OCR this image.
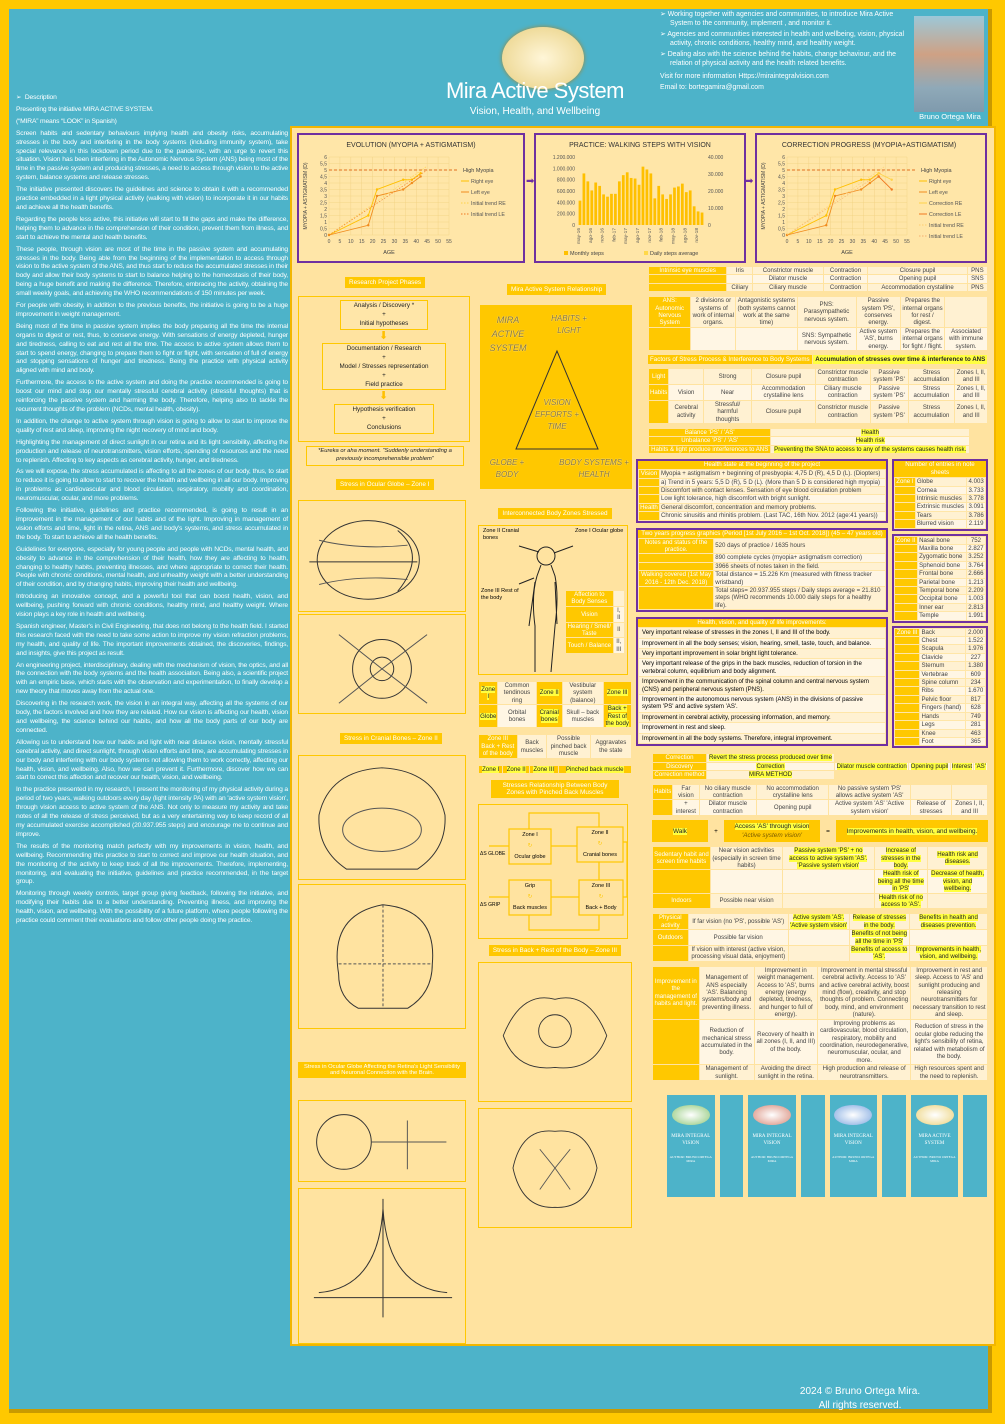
➢  Description

Presenting the initiative MIRA ACTIVE SYSTEM.

(“MIRA” means “LOOK” in Spanish)

Screen habits and sedentary behaviours implying health and obesity risks, accumulating stresses in the body and interfering in the body systems (including immunity system), take special relevance in this lockdown period due to the pandemic, with an urge to revert this situation. Vision has been interfering in the Autonomic Nervous System (ANS) being most of the time in the passive system and producing stresses, a need to access through vision to the active system, balance systems and release stresses.

The initiative presented discovers the guidelines and science to obtain it with a recommended practice embedded in a light physical activity (walking with vision) to incorporate it in our habits and achieve all the health benefits.

Regarding the people less active, this initiative will start to fill the gaps and make the difference, helping them to advance in the comprehension of their condition, prevent them from illness, and start to achieve the mental and health benefits.

These people, through vision are most of the time in the passive system and accumulating stresses in the body. Being able from the beginning of the implementation to access through vision to the active system of the ANS, and thus start to reduce the accumulated stresses in their body and allow their body systems to start to balance helping to the homeostasis of their body, being a huge benefit and making the difference. Therefore, embracing the activity, obtaining the small weekly goals, and achieving the WHO recommendations of 150 minutes per week.

For people with obesity, in addition to the previous benefits, the initiative is going to be a huge improvement in weight management.

Being most of the time in passive system implies the body preparing all the time the internal organs to digest or rest, thus, to conserve energy. With sensations of energy depleted, hunger and tiredness, calling to eat and rest all the time. The access to active system allows them to start to spend energy, changing to prepare them to fight or flight, with sensation of full of energy and stopping sensations of hunger and tiredness. Being the practice with physical activity aligned with mind and body.

Furthermore, the access to the active system and doing the practice recommended is going to boost our mind and stop our mentally stressful cerebral activity (stressful thoughts) that is reinforcing the passive system and harming the body. Therefore, helping also to tackle the recurrent thoughts of the problem (NCDs, mental health, obesity).

In addition, the change to active system through vision is going to allow to start to improve the quality of rest and sleep, improving the night recovery of mind and body.

Highlighting the management of direct sunlight in our retina and its light sensibility, affecting the production and release of neurotransmitters, vision efforts, spending of resources and the need to replenish. Affecting to key aspects as cerebral activity, hunger, and tiredness.

As we will expose, the stress accumulated is affecting to all the zones of our body, thus, to start to reduce it is going to allow to start to recover the health and wellbeing in all our body. Improving in problems as cardiovascular and blood circulation, respiratory, mobility and coordination, neuromuscular, ocular, and more problems.

Following the initiative, guidelines and practice recommended, is going to result in an improvement in the management of our habits and of the light. Improving in management of vision efforts and time, light in the retina, ANS and body's systems, and stress accumulated in the body. To start to achieve all the health benefits.

Guidelines for everyone, especially for young people and people with NCDs, mental health, and obesity to advance in the comprehension of their health, how they are affecting to health, changing to healthy habits, preventing illnesses, and where appropriate to correct their health. People with chronic conditions, mental health, and unhealthy weight with a better understanding of their condition, and by changing habits, improving their health and wellbeing.

Introducing an innovative concept, and a powerful tool that can boost health, vision, and wellbeing, pushing forward with chronic conditions, healthy mind, and healthy weight. Where vision plays a key role in health and wellbeing.

Spanish engineer, Master's in Civil Engineering, that does not belong to the health field. I started this research faced with the need to take some action to improve my vision refraction problems, my health, and quality of life. The important improvements obtained, the discoveries, findings, and insights, give this project as result.

An engineering project, interdisciplinary, dealing with the mechanism of vision, the optics, and all the connection with the body systems and the health association. Being also, a scientific project with an empiric base, which starts with the observation and experimentation, to finally develop a new theory that moves away from the actual one.

Discovering in the research work, the vision in an integral way, affecting all the systems of our body, the factors involved and how they are related. How our vision is affecting our health, vision and wellbeing, the science behind our habits, and how all the body parts of our body are connected.

Allowing us to understand how our habits and light with near distance vision, mentally stressful cerebral activity, and direct sunlight, through vision efforts and time, are accumulating stresses in our body and interfering with our body systems not allowing them to work correctly, affecting our health, vision, and wellbeing. Also, how we can prevent it. Furthermore, discover how we can start to correct this affection and recover our health, vision, and wellbeing.

In the practice presented in my research, I present the monitoring of my physical activity during a period of two years, walking outdoors every day (light intensity PA) with an 'active system vision', through vision access to active system of the ANS. Not only to measure my activity and take notes of all the release of stress perceived, but as a very entertaining way to keep record of all my accumulated exercise accomplished (20.937.955 steps) and encourage me to continue and improve.

The results of the monitoring match perfectly with my improvements in vision, health, and wellbeing. Recommending this practice to start to correct and improve our health situation, and the monitoring of the activity to keep track of all the improvements. Therefore, implementing, monitoring, and evaluating the initiative, guidelines and practice recommended, in the target group.

Monitoring through weekly controls, target group giving feedback, following the initiative, and modifying their habits due to a better understanding. Preventing illness, and improving the health, vision, and wellbeing. With the possibility of a future platform, where people following the practice could comment their evaluations and follow other people doing the practice.

Mira Active System
Vision, Health, and Wellbeing
➢ Working together with agencies and communities, to introduce Mira Active System to the community, implement , and monitor it.
➢ Agencies and communities interested in health and wellbeing, vision, physical activity, chronic conditions, healthy mind, and healthy weight.
➢ Dealing also with the science behind the habits, change behaviour, and the relation of physical activity and the health related benefits.
Visit for more information Https://miraintegralvision.com
Email to: bortegamira@gmail.com
Bruno Ortega Mira
EVOLUTION (MYOPIA + ASTIGMATISM)
0
0,5
1
1,5
2
2,5
3
3,5
4
4,5
5
5,5
6
0 5 10 15 20 25 30 35 40 45 50 55
AGE
MYOPIA + ASTIGMATISM (D)	High Myopia
Right eye
Left eye
Initial trend RE
Initial trend LE
➡
PRACTICE: WALKING STEPS WITH VISION
0
200.000
400.000
600.000
800.000
1.000.000
1.200.000
0
10.000
20.000
30.000
40.000
may-16 ago-16 nov-16 feb-17 may-17 ago-17 nov-17 feb-18 may-18 ago-18 nov-18
Monthly steps	Daily steps average
➡
CORRECTION PROGRESS (MYOPIA+ASTIGMATISM)
0
0,5
1
1,5
2
2,5
3
3,5
4
4,5
5
5,5
6
0 5 10 15 20 25 30 35 40 45 50 55
AGE
MYOPIA + ASTIGMATISM (D)	High Myopia
Right eye
Left eye
Correction RE
Correction LE
Initial trend RE
Initial trend LE
Research Project Phases
Analysis / Discovery *
+
Initial hypotheses
⬇
Documentation / Research
+
Model / Stresses representation
+
Field practice
⬇
Hypothesis verification
+
Conclusions
*Eureka or aha moment. “Suddenly understanding a previously incomprehensible problem”
Stress in Ocular Globe – Zone I
Mira Active System Relationship
MIRA ACTIVE SYSTEM
HABITS + LIGHT
VISION EFFORTS + TIME
GLOBE + BODY
BODY SYSTEMS + HEALTH
Stress in Cranial Bones – Zone II
Stress in Ocular Globe Affecting the Retina's Light Sensibility and Neuronal Connection with the Brain.
Interconnected Body Zones Stressed
Zone II Cranial bones
Zone I Ocular globe
Zone III Rest of the body	Affection to Body Senses	
Vision	I, II
Hearing / Smell/ Taste	II
Touch / Balance	II, III
Zone I	Common tendinous ring	Zone II	Vestibular system (balance)	Zone III
Globe	Orbital bones	Cranial bones	Skull – back muscles	Back + Rest of the body
Zone III Back + Rest of the body	Back muscles	Possible pinched back muscle	Aggravates the state
Zone I	Zone II	Zone III	Pinched back muscle
Stresses Relationship Between Body Zones with Pinched Back Muscles
Zone I
↻
Ocular globe
Zone II
↻
Cranial bones
Grip
↻
Back muscles
Zone III
↻
Back + Body
ΔS GLOBE
ΔS GRIP
Stress in Back + Rest of the Body – Zone III
Intrinsic eye muscles	Iris	Constrictor muscle	Contraction	Closure pupil	PNS
		Dilator muscle	Contraction	Opening pupil	SNS
	Ciliary	Ciliary muscle	Contraction	Accommodation crystalline	PNS
ANS: Autonomic Nervous System	2 divisions or systems of work of internal organs.	Antagonistic systems (both systems cannot work at the same time)	PNS: Parasympathetic nervous system.	Passive system 'PS', conserves energy.	Prepares the internal organs for rest / digest.	
			SNS: Sympathetic nervous system.	Active system 'AS', burns energy.	Prepares the internal organs for fight / flight.	Associated with immune system.
Factors of Stress Process & Interference to Body Systems Accumulation of stresses over time & interference to ANS
Light		Strong	Closure pupil	Constrictor muscle contraction	Passive system 'PS'	Stress accumulation	Zones I, II, and III
Habits	Vision	Near	Accommodation crystalline lens	Ciliary muscle contraction	Passive system 'PS'	Stress accumulation	Zones I, II, and III
	Cerebral activity	Stressful/ harmful thoughts	Closure pupil	Constrictor muscle contraction	Passive system 'PS'	Stress accumulation	Zones I, II, and III
Balance 'PS' / 'AS'	Health
Unbalance 'PS' / 'AS'	Health risk
Habits & light produce interferences to ANS	Preventing the SNA to access to any of the systems causes health risk.
Health state at the beginning of the project
Vision	Myopia + astigmatism + beginning of presbyopia: 4,75 D (R), 4,5 D (L). (Diopters)
	a) Trend in 5 years: 5,5 D (R), 5 D (L). (More than 5 D is considered high myopia)
	Discomfort with contact lenses. Sensation of eye blood circulation problem
	Low light tolerance, high discomfort with bright sunlight.
Health	General discomfort, concentration and memory problems.
	Chronic sinusitis and rhinitis problem. (Last TAC, 16th Nov. 2012 (age:41 years))
Two years progress graphics (Period [1st July 2016 – 1st Oct. 2018]) (45 – 47 years old)
Notes and status of the practice.	520 days of practice / 1635 hours
	890 complete cycles (myopia+ astigmatism correction)
	3966 sheets of notes taken in the field.
Walking covered (1st May 2016 - 12th Dec. 2018)	Total distance = 15.226 Km (measured with fitness tracker wristband)
	Total steps= 20.937.955 steps / Daily steps average = 21.810 steps (WHO recommends 10.000 daily steps for a healthy life).
Health, vision, and quality of life improvements:
Very important release of stresses in the zones I, II and III of the body.
Improvement in all the body senses; vision, hearing, smell, taste, touch, and balance.
Very important improvement in solar bright light tolerance.
Very important release of the grips in the back muscles, reduction of torsion in the vertebral column, equilibrium and body alignment.
Improvement in the communication of the spinal column and central nervous system (CNS) and peripheral nervous system (PNS).
Improvement in the autonomous nervous system (ANS) in the divisions of passive system 'PS' and active system 'AS'.
Improvement in cerebral activity, processing information, and memory.
Improvement in rest and sleep.
Improvement in all the body systems. Therefore, integral improvement.
Number of entries in note sheets
Zone I	Globe	4.003
	Cornea	3.733
	Intrinsic muscles	3.778
	Extrinsic muscles	3.091
	Tears	3.786
	Blurred vision	2.119
Zone II	Nasal bone	752
	Maxilla bone	2.827
	Zygomatic bone	3.252
	Sphenoid bone	3.764
	Frontal bone	2.666
	Parietal bone	1.213
	Temporal bone	2.209
	Occipital bone	1.003
	Inner ear	2.813
	Temple	1.991
Zone III	Back	2.000
	Chest	1.522
	Scapula	1.976
	Clavicle	227
	Sternum	1.380
	Vertebrae	609
	Spine column	234
	Ribs	1.670
	Pelvic floor	817
	Fingers (hand)	628
	Hands	749
	Legs	281
	Knee	463
	Foot	365
Correction	Revert the stress process produced over time				
Discovery	Correction	Dilator muscle contraction	Opening pupil	Interest	'AS'
Correction method	MIRA METHOD				
Habits	Far vision	No ciliary muscle contraction	No accommodation crystalline lens	No passive system 'PS' allows active system 'AS'		
	+ interest	Dilator muscle contraction	Opening pupil	Active system 'AS' 'Active system vision'	Release of stresses	Zones I, II, and III
Walk	+
Access 'AS' through vision
'Active system vision'
=	Improvements in health, vision, and wellbeing.
Sedentary habit and screen time habits	Near vision activities (especially in screen time habits)	Passive system 'PS' + no access to active system 'AS'. 'Passive system vision'	Increase of stresses in the body.	Health risk and diseases.
			Health risk of being all the time in 'PS'	Decrease of health, vision, and wellbeing.
Indoors	Possible near vision		Health risk of no access to 'AS'.	
Physical activity	If far vision (no 'PS', possible 'AS')	Active system 'AS'. 'Active system vision'	Release of stresses in the body.	Benefits in health and diseases prevention.
Outdoors	Possible far vision		Benefits of not being all the time in 'PS'	
	If vision with interest (active vision, processing visual data, enjoyment)		Benefits of access to 'AS'.	Improvements in health, vision, and wellbeing.
Improvement in the management of habits and light.	Management of ANS especially 'AS'. Balancing systems/body and preventing illness.	Improvement in weight management. Access to 'AS', burns energy (energy depleted, tiredness, and hunger to full of energy).	Improvement in mental stressful cerebral activity. Access to 'AS' and active cerebral activity, boost mind (flow), creativity, and stop thoughts of problem. Connecting body, mind, and environment (nature).	Improvement in rest and sleep. Access to 'AS' and sunlight producing and releasing neurotransmitters for necessary transition to rest and sleep.
	Reduction of mechanical stress accumulated in the body.	Recovery of health in all zones (I, II, and III) of the body.	Improving problems as cardiovascular, blood circulation, respiratory, mobility and coordination, neurodegenerative, neuromuscular, ocular, and more.	Reduction of stress in the ocular globe reducing the light's sensibility of retina, related with metabolism of the body.
	Management of sunlight.	Avoiding the direct sunlight in the retina.	High production and release of neurotransmitters.	High resources spent and the need to replenish.
MIRA INTEGRAL VISION
AUTHOR: BRUNO ORTEGA MIRA
MIRA INTEGRAL VISION
AUTHOR: BRUNO ORTEGA MIRA
MIRA INTEGRAL VISION
AUTHOR: BRUNO ORTEGA MIRA
MIRA ACTIVE SYSTEM
AUTHOR: BRUNO ORTEGA MIRA
2024 © Bruno Ortega Mira.
All rights reserved.
